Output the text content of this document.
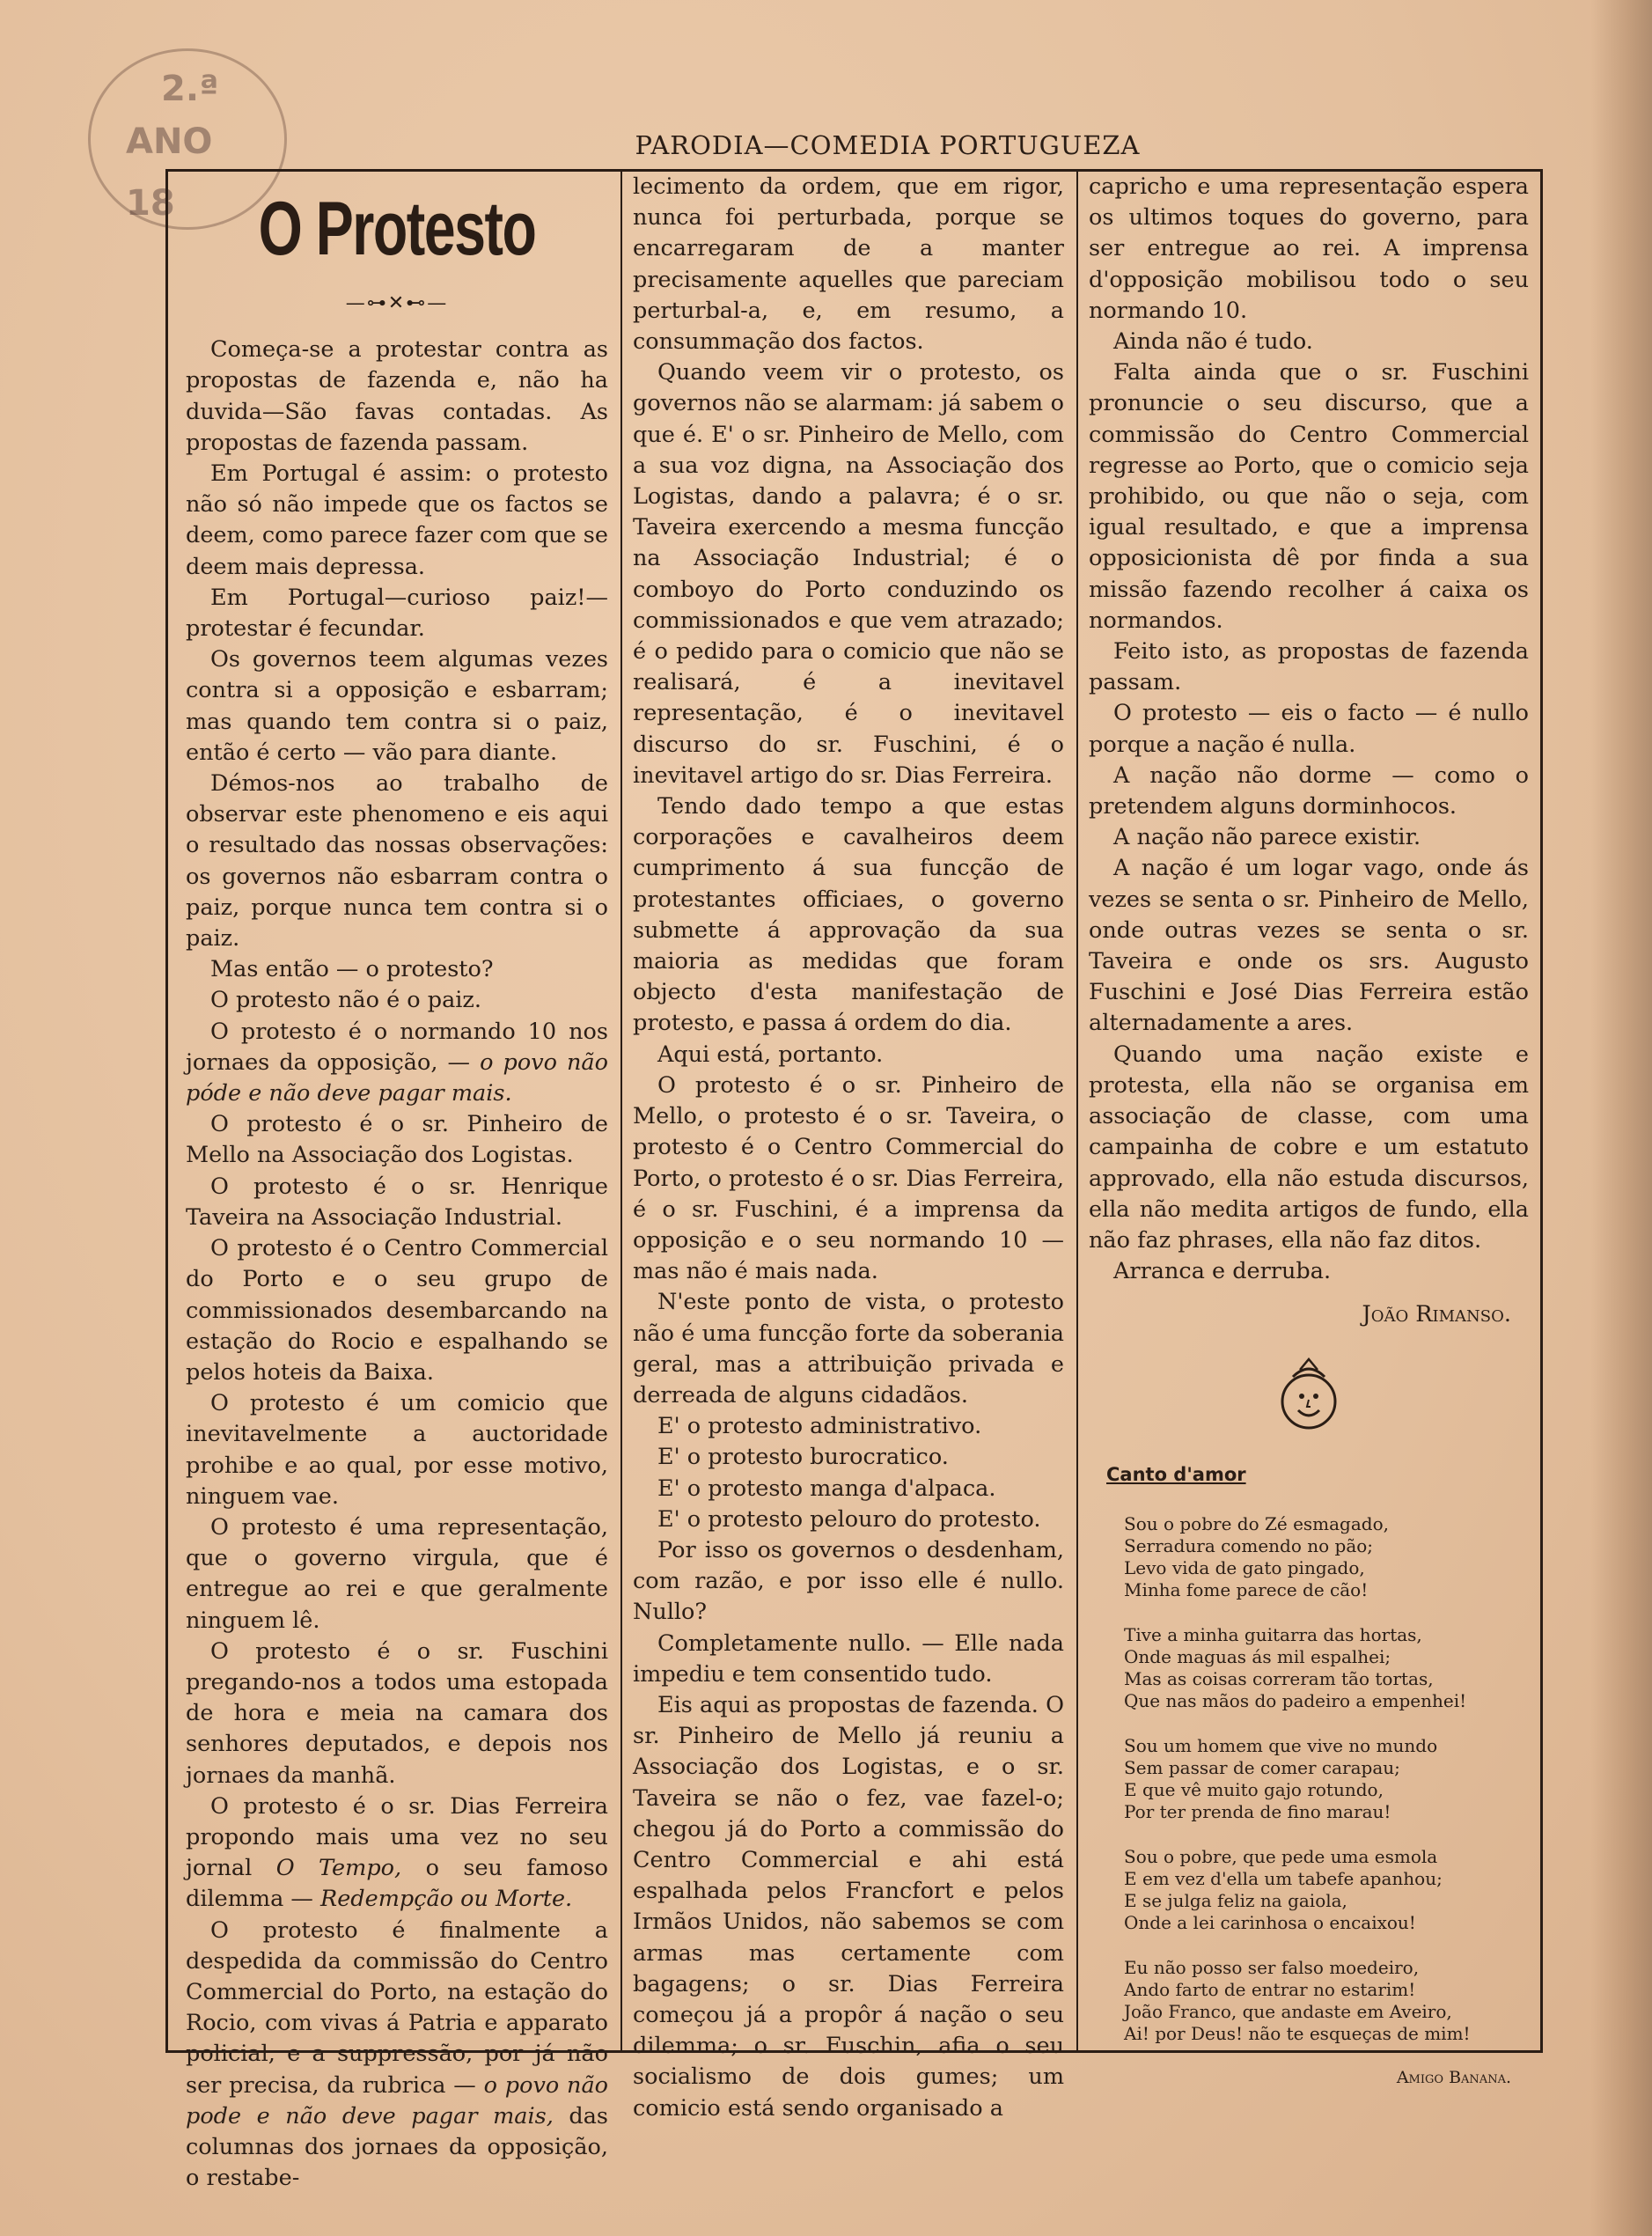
2.ª
ANO
18
PARODIA—COMEDIA PORTUGUEZA
O Protesto
—⊶✕⊷—

Começa-se a protestar contra as propostas de fazenda e, não ha duvida—São favas contadas. As propostas de fazenda passam.

Em Portugal é assim: o protesto não só não impede que os factos se deem, como parece fazer com que se deem mais depressa.

Em Portugal—curioso paiz!— protestar é fecundar.

Os governos teem algumas vezes contra si a opposição e esbarram; mas quando tem contra si o paiz, então é certo — vão para diante.

Démos-nos ao trabalho de observar este phenomeno e eis aqui o resultado das nossas observações: os governos não esbarram contra o paiz, porque nunca tem contra si o paiz.

Mas então — o protesto?

O protesto não é o paiz.

O protesto é o normando 10 nos jornaes da opposição, — o povo não póde e não deve pagar mais.

O protesto é o sr. Pinheiro de Mello na Associação dos Logistas.

O protesto é o sr. Henrique Taveira na Associação Industrial.

O protesto é o Centro Commercial do Porto e o seu grupo de commissionados desembarcando na estação do Rocio e espalhando se pelos hoteis da Baixa.

O protesto é um comicio que inevitavelmente a auctoridade prohibe e ao qual, por esse motivo, ninguem vae.

O protesto é uma representação, que o governo virgula, que é entregue ao rei e que geralmente ninguem lê.

O protesto é o sr. Fuschini pregando-nos a todos uma estopada de hora e meia na camara dos senhores deputados, e depois nos jornaes da manhã.

O protesto é o sr. Dias Ferreira propondo mais uma vez no seu jornal O Tempo, o seu famoso dilemma — Redempção ou Morte.

O protesto é finalmente a despedida da commissão do Centro Commercial do Porto, na estação do Rocio, com vivas á Patria e apparato policial, e a suppressão, por já não ser precisa, da rubrica — o povo não pode e não deve pagar mais, das columnas dos jornaes da opposição, o restabe-

lecimento da ordem, que em rigor, nunca foi perturbada, porque se encarregaram de a manter precisamente aquelles que pareciam perturbal-a, e, em resumo, a consummação dos factos.

Quando veem vir o protesto, os governos não se alarmam: já sabem o que é. E' o sr. Pinheiro de Mello, com a sua voz digna, na Associação dos Logistas, dando a palavra; é o sr. Taveira exercendo a mesma funcção na Associação Industrial; é o comboyo do Porto conduzindo os commissionados e que vem atrazado; é o pedido para o comicio que não se realisará, é a inevitavel representação, é o inevitavel discurso do sr. Fuschini, é o inevitavel artigo do sr. Dias Ferreira.

Tendo dado tempo a que estas corporações e cavalheiros deem cumprimento á sua funcção de protestantes officiaes, o governo submette á approvação da sua maioria as medidas que foram objecto d'esta manifestação de protesto, e passa á ordem do dia.

Aqui está, portanto.

O protesto é o sr. Pinheiro de Mello, o protesto é o sr. Taveira, o protesto é o Centro Commercial do Porto, o protesto é o sr. Dias Ferreira, é o sr. Fuschini, é a imprensa da opposição e o seu normando 10 —mas não é mais nada.

N'este ponto de vista, o protesto não é uma funcção forte da soberania geral, mas a attribuição privada e derreada de alguns cidadãos.

E' o protesto administrativo.

E' o protesto burocratico.

E' o protesto manga d'alpaca.

E' o protesto pelouro do protesto.

Por isso os governos o desdenham, com razão, e por isso elle é nullo. Nullo?

Completamente nullo. — Elle nada impediu e tem consentido tudo.

Eis aqui as propostas de fazenda. O sr. Pinheiro de Mello já reuniu a Associação dos Logistas, e o sr. Taveira se não o fez, vae fazel-o; chegou já do Porto a commissão do Centro Commercial e ahi está espalhada pelos Francfort e pelos Irmãos Unidos, não sabemos se com armas mas certamente com bagagens; o sr. Dias Ferreira começou já a propôr á nação o seu dilemma; o sr. Fuschin, afia o seu socialismo de dois gumes; um comicio está sendo organisado a

capricho e uma representação espera os ultimos toques do governo, para ser entregue ao rei. A imprensa d'opposição mobilisou todo o seu normando 10.

Ainda não é tudo.

Falta ainda que o sr. Fuschini pronuncie o seu discurso, que a commissão do Centro Commercial regresse ao Porto, que o comicio seja prohibido, ou que não o seja, com igual resultado, e que a imprensa opposicionista dê por finda a sua missão fazendo recolher á caixa os normandos.

Feito isto, as propostas de fazenda passam.

O protesto — eis o facto — é nullo porque a nação é nulla.

A nação não dorme — como o pretendem alguns dorminhocos.

A nação não parece existir.

A nação é um logar vago, onde ás vezes se senta o sr. Pinheiro de Mello, onde outras vezes se senta o sr. Taveira e onde os srs. Augusto Fuschini e José Dias Ferreira estão alternadamente a ares.

Quando uma nação existe e protesta, ella não se organisa em associação de classe, com uma campainha de cobre e um estatuto approvado, ella não estuda discursos, ella não medita artigos de fundo, ella não faz phrases, ella não faz ditos.

Arranca e derruba.

João Rimanso.
Canto d'amor
Sou o pobre do Zé esmagado,
Serradura comendo no pão;
Levo vida de gato pingado,
Minha fome parece de cão!
Tive a minha guitarra das hortas,
Onde maguas ás mil espalhei;
Mas as coisas correram tão tortas,
Que nas mãos do padeiro a empenhei!
Sou um homem que vive no mundo
Sem passar de comer carapau;
E que vê muito gajo rotundo,
Por ter prenda de fino marau!
Sou o pobre, que pede uma esmola
E em vez d'ella um tabefe apanhou;
E se julga feliz na gaiola,
Onde a lei carinhosa o encaixou!
Eu não posso ser falso moedeiro,
Ando farto de entrar no estarim!
João Franco, que andaste em Aveiro,
Ai! por Deus! não te esqueças de mim!
Amigo Banana.
